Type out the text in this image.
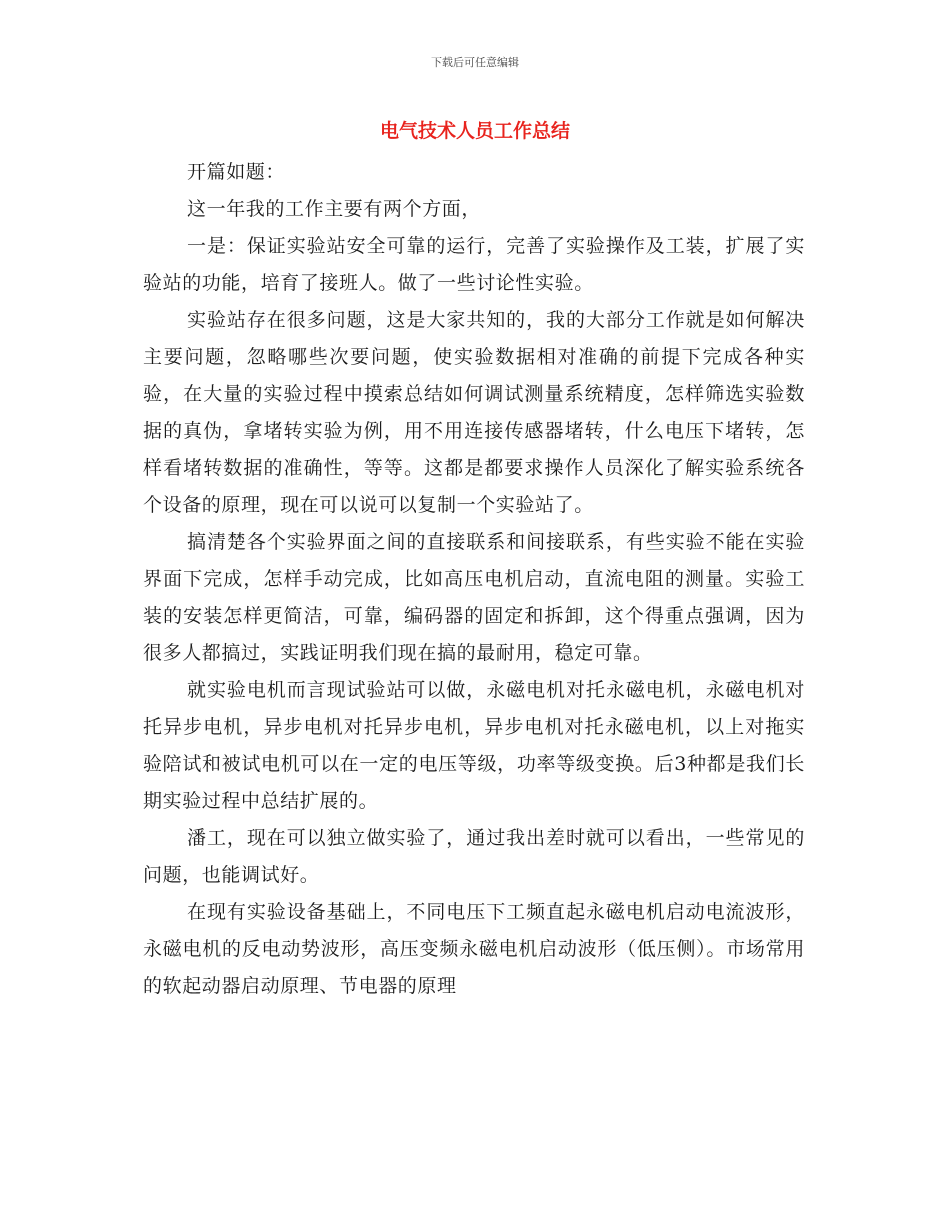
下载后可任意编辑
电气技术人员工作总结

开篇如题：

这一年我的工作主要有两个方面，

一是：保证实验站安全可靠的运行，完善了实验操作及工装，扩展了实验站的功能，培育了接班人。做了一些讨论性实验。

实验站存在很多问题，这是大家共知的，我的大部分工作就是如何解决主要问题，忽略哪些次要问题，使实验数据相对准确的前提下完成各种实验，在大量的实验过程中摸索总结如何调试测量系统精度，怎样筛选实验数据的真伪，拿堵转实验为例，用不用连接传感器堵转，什么电压下堵转，怎样看堵转数据的准确性，等等。这都是都要求操作人员深化了解实验系统各个设备的原理，现在可以说可以复制一个实验站了。

搞清楚各个实验界面之间的直接联系和间接联系，有些实验不能在实验界面下完成，怎样手动完成，比如高压电机启动，直流电阻的测量。实验工装的安装怎样更简洁，可靠，编码器的固定和拆卸，这个得重点强调，因为很多人都搞过，实践证明我们现在搞的最耐用，稳定可靠。

就实验电机而言现试验站可以做，永磁电机对托永磁电机，永磁电机对托异步电机，异步电机对托异步电机，异步电机对托永磁电机，以上对拖实验陪试和被试电机可以在一定的电压等级，功率等级变换。后3种都是我们长期实验过程中总结扩展的。

潘工，现在可以独立做实验了，通过我出差时就可以看出，一些常见的问题，也能调试好。

在现有实验设备基础上，不同电压下工频直起永磁电机启动电流波形，永磁电机的反电动势波形，高压变频永磁电机启动波形（低压侧）。市场常用的软起动器启动原理、节电器的原理
